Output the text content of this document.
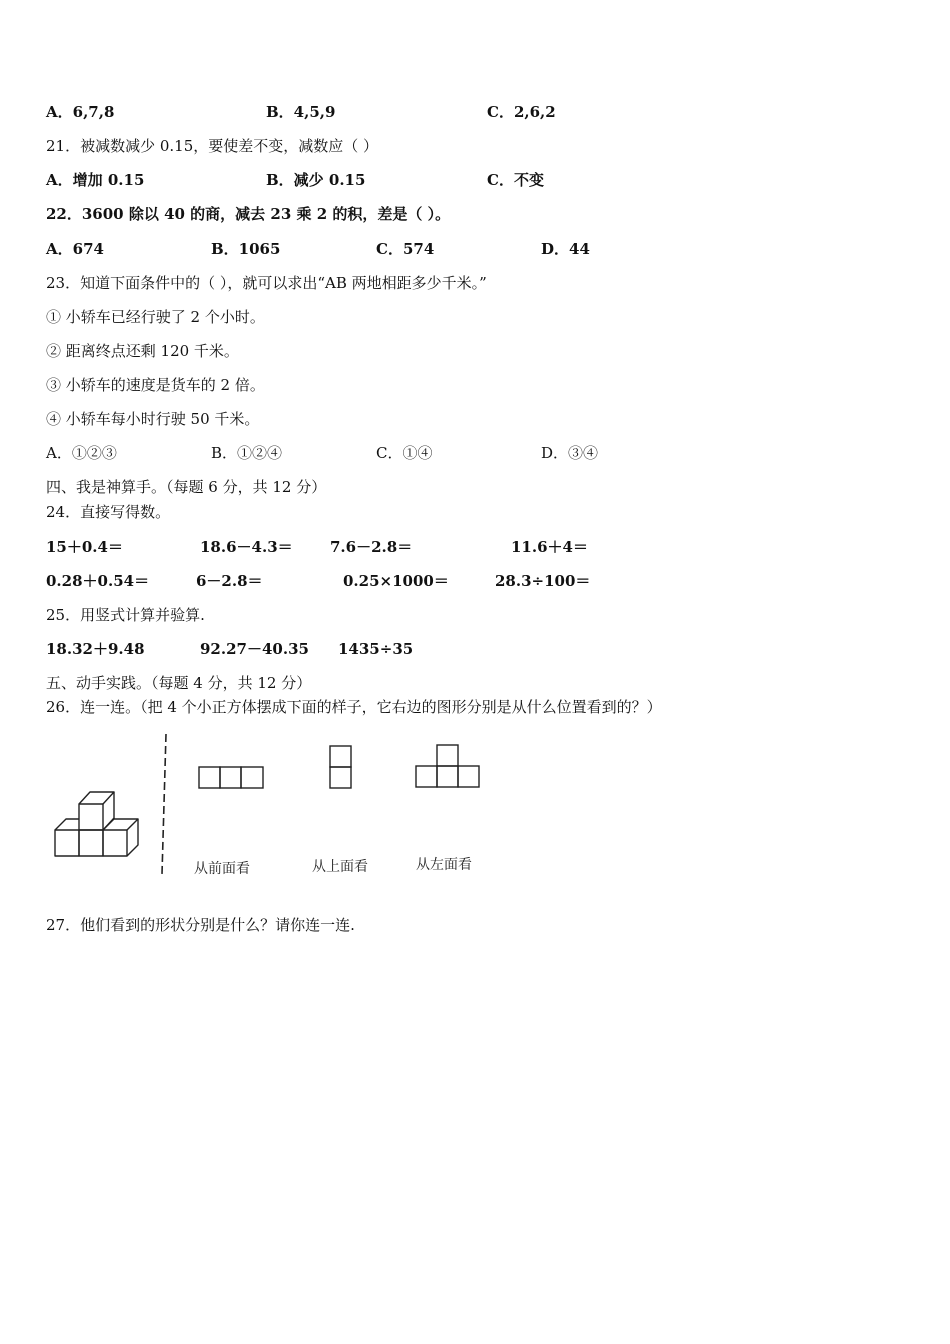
A．6,7,8	B．4,5,9	C．2,6,2
21．被减数减少 0.15，要使差不变，减数应（ ）
A．增加 0.15	B．减少 0.15	C．不变
22．3600 除以 40 的商，减去 23 乘 2 的积，差是（ ）。
A．674	B．1065	C．574	D．44
23．知道下面条件中的（ ），就可以求出“AB 两地相距多少千米。”
① 小轿车已经行驶了 2 个小时。
② 距离终点还剩 120 千米。
③ 小轿车的速度是货车的 2 倍。
④ 小轿车每小时行驶 50 千米。
A．①②③	B．①②④	C．①④	D．③④
四、我是神算手。（每题 6 分，共 12 分）
24．直接写得数。
15＋0.4＝	18.6－4.3＝ 7.6－2.8＝	11.6＋4＝
0.28＋0.54＝	6－2.8＝	0.25×1000＝	28.3÷100＝
25．用竖式计算并验算.
18.32＋9.48	92.27－40.35 1435÷35
五、动手实践。（每题 4 分，共 12 分）
26．连一连。（把 4 个小正方体摆成下面的样子，它右边的图形分别是从什么位置看到的？）
从前面看	从上面看	从左面看
27．他们看到的形状分别是什么？请你连一连.
